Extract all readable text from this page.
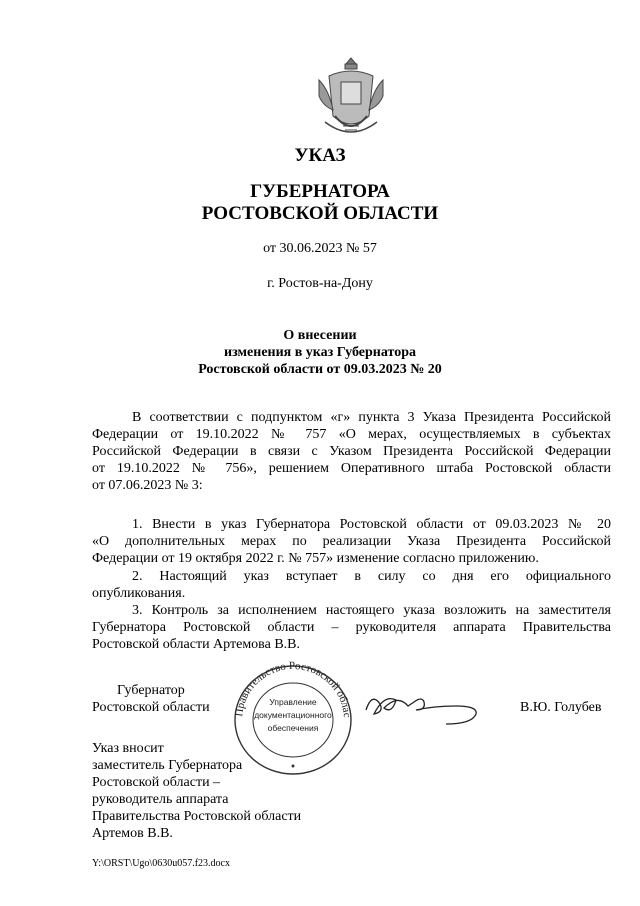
УКАЗ
ГУБЕРНАТОРА
РОСТОВСКОЙ ОБЛАСТИ
от 30.06.2023 № 57
г. Ростов-на-Дону
О внесении
изменения в указ Губернатора
Ростовской области от 09.03.2023 № 20
В соответствии с подпунктом «г» пункта 3 Указа Президента Российской
Федерации от 19.10.2022 № 757 «О мерах, осуществляемых в субъектах
Российской Федерации в связи с Указом Президента Российской Федерации
от 19.10.2022 № 756», решением Оперативного штаба Ростовской области
от 07.06.2023 № 3:
1. Внести в указ Губернатора Ростовской области от 09.03.2023 № 20
«О дополнительных мерах по реализации Указа Президента Российской
Федерации от 19 октября 2022 г. № 757» изменение согласно приложению.
2. Настоящий указ вступает в силу со дня его официального
опубликования.
3. Контроль за исполнением настоящего указа возложить на заместителя
Губернатора Ростовской области – руководителя аппарата Правительства
Ростовской области Артемова В.В.
Губернатор
Ростовской области	В.Ю. Голубев
Правительство Ростовской облас
Управление
документационного
обеспечения
Указ вносит
заместитель Губернатора
Ростовской области –
руководитель аппарата
Правительства Ростовской области
Артемов В.В.
Y:\ORST\Ugo\0630u057.f23.docx
